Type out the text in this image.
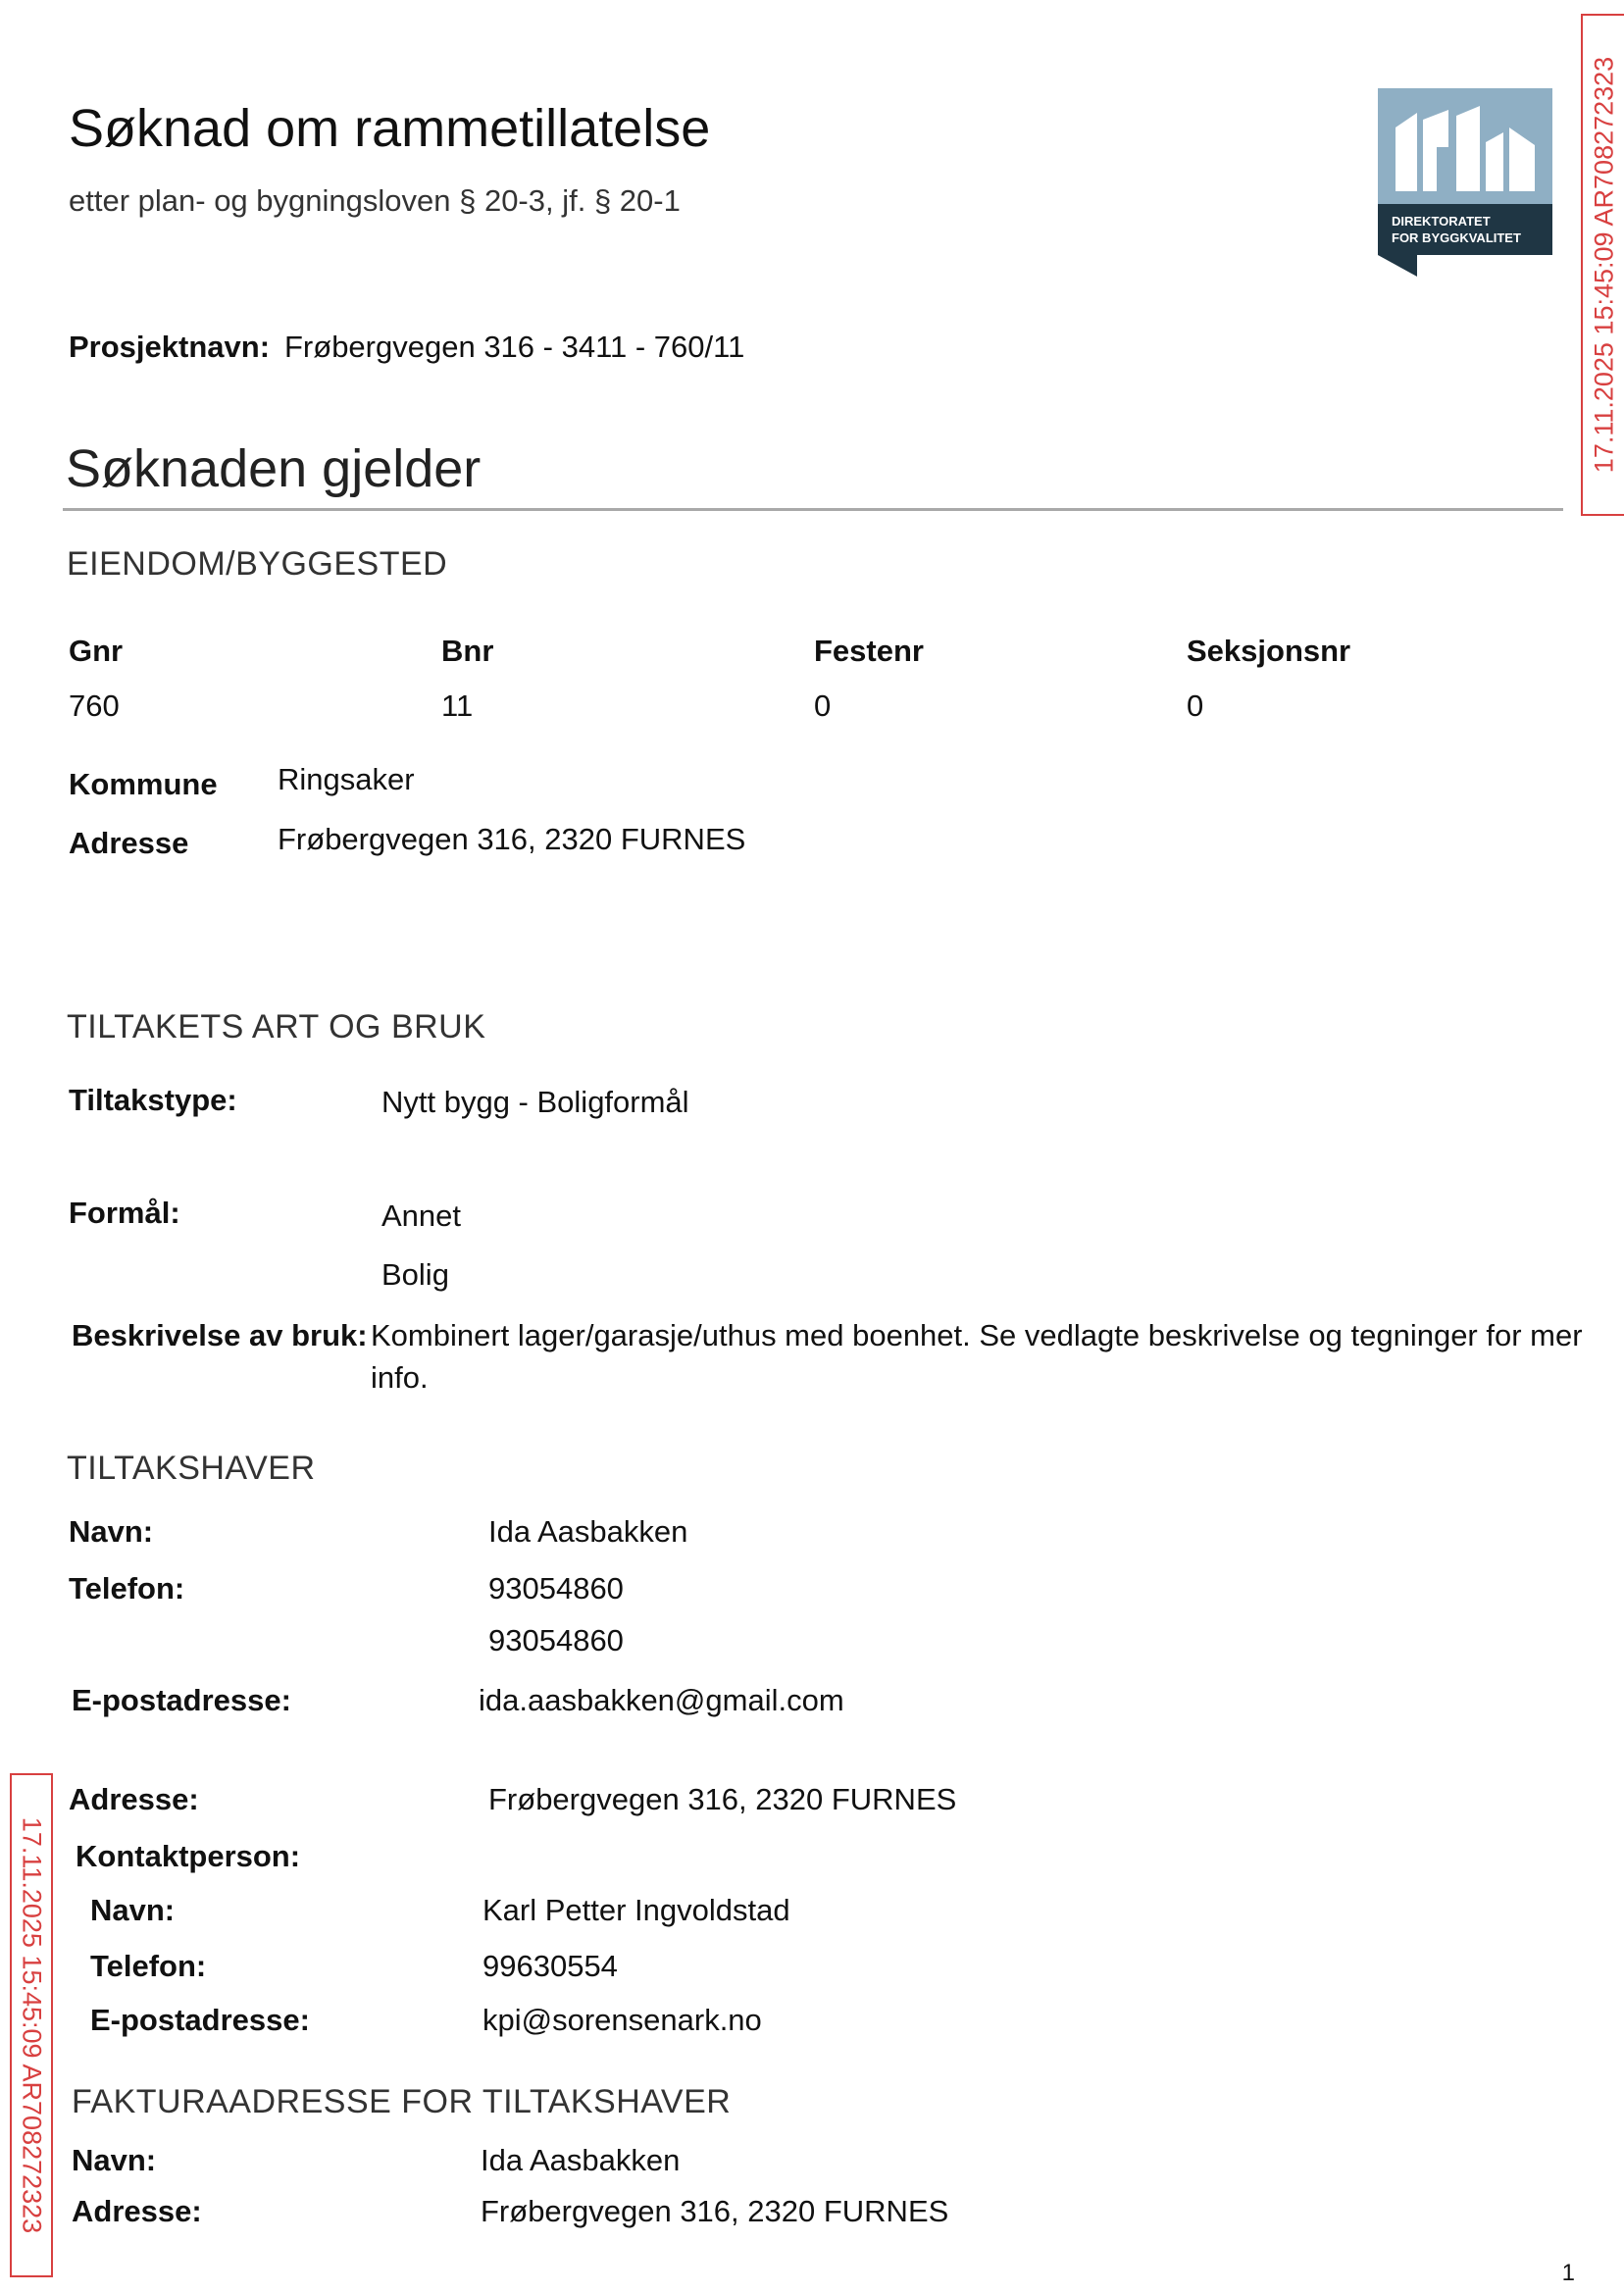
Søknad om rammetillatelse
etter plan- og bygningsloven § 20-3, jf. § 20-1
DIREKTORATET
FOR BYGGKVALITET	17.11.2025 15:45:09 AR708272323
17.11.2025 15:45:09 AR708272323
Prosjektnavn: Frøbergvegen 316 - 3411 - 760/11
Søknaden gjelder
EIENDOM/BYGGESTED
Gnr	Bnr	Festenr	Seksjonsnr
760	11	0	0
Kommune Ringsaker
Adresse	Frøbergvegen 316, 2320 FURNES
TILTAKETS ART OG BRUK
Tiltakstype:	Nytt bygg - Boligformål
Formål:	Annet
Bolig
Beskrivelse av bruk: Kombinert lager/garasje/uthus med boenhet. Se vedlagte beskrivelse og tegninger for mer info.
TILTAKSHAVER
Navn:	Ida Aasbakken
Telefon:	93054860
93054860
E-postadresse:	ida.aasbakken@gmail.com
Adresse:	Frøbergvegen 316, 2320 FURNES
Kontaktperson:
Navn:	Karl Petter Ingvoldstad
Telefon:	99630554
E-postadresse:	kpi@sorensenark.no
FAKTURAADRESSE FOR TILTAKSHAVER
Navn:	Ida Aasbakken
Adresse:	Frøbergvegen 316, 2320 FURNES
1
